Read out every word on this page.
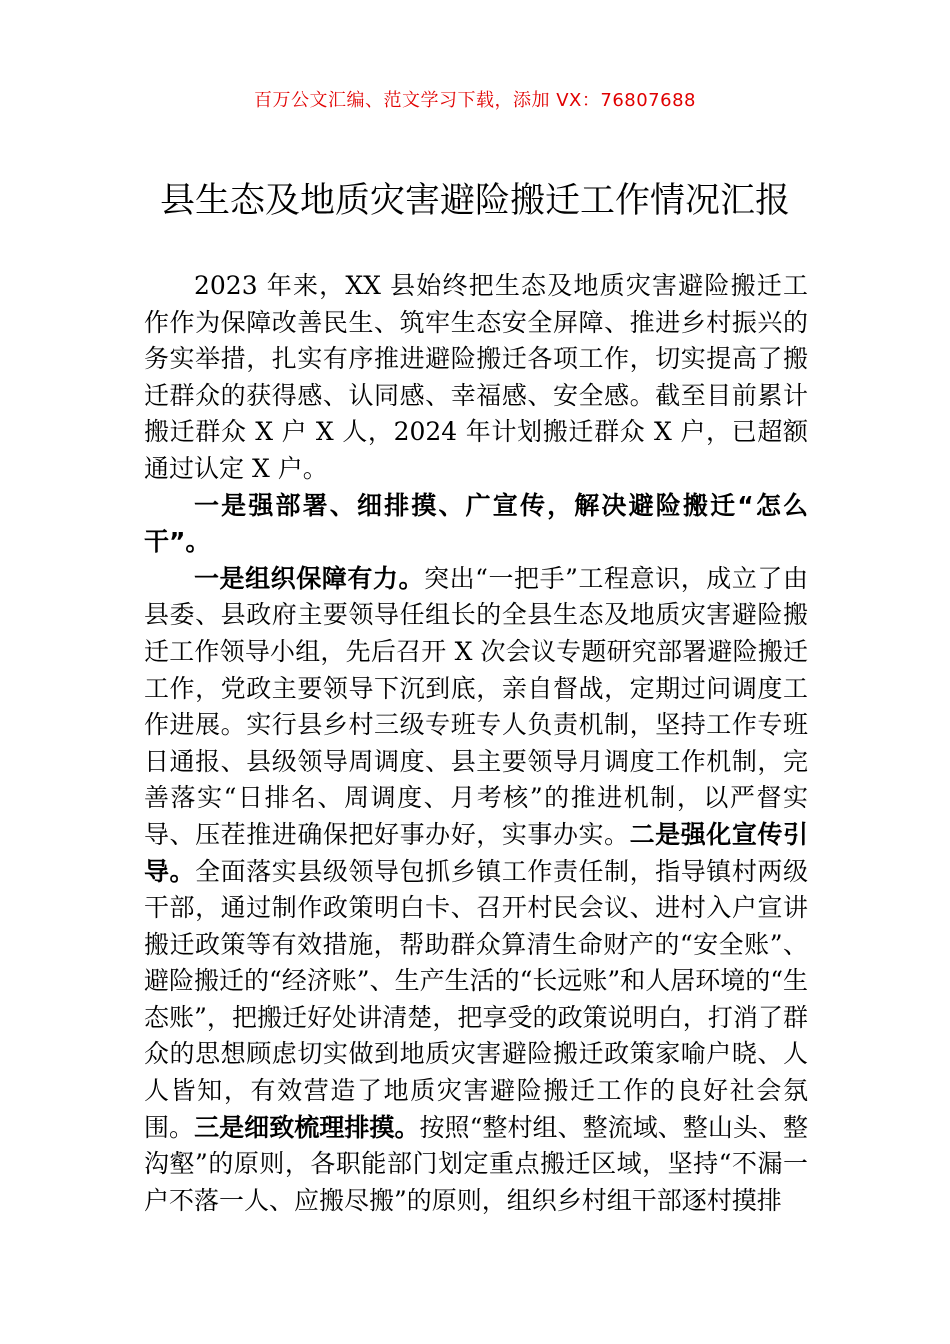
百万公文汇编、范文学习下载，添加 VX：76807688
县生态及地质灾害避险搬迁工作情况汇报

2023 年来，XX 县始终把生态及地质灾害避险搬迁工作作为保障改善民生、筑牢生态安全屏障、推进乡村振兴的务实举措，扎实有序推进避险搬迁各项工作，切实提高了搬迁群众的获得感、认同感、幸福感、安全感。截至目前累计搬迁群众 X 户 X 人，2024 年计划搬迁群众 X 户，已超额通过认定 X 户。

一是强部署、细排摸、广宣传，解决避险搬迁“怎么干”。

一是组织保障有力。突出“一把手”工程意识，成立了由县委、县政府主要领导任组长的全县生态及地质灾害避险搬迁工作领导小组，先后召开 X 次会议专题研究部署避险搬迁工作，党政主要领导下沉到底，亲自督战，定期过问调度工作进展。实行县乡村三级专班专人负责机制，坚持工作专班日通报、县级领导周调度、县主要领导月调度工作机制，完善落实“日排名、周调度、月考核”的推进机制，以严督实导、压茬推进确保把好事办好，实事办实。二是强化宣传引导。全面落实县级领导包抓乡镇工作责任制，指导镇村两级干部，通过制作政策明白卡、召开村民会议、进村入户宣讲搬迁政策等有效措施，帮助群众算清生命财产的“安全账”、避险搬迁的“经济账”、生产生活的“长远账”和人居环境的“生态账”，把搬迁好处讲清楚，把享受的政策说明白，打消了群众的思想顾虑切实做到地质灾害避险搬迁政策家喻户晓、人人皆知，有效营造了地质灾害避险搬迁工作的良好社会氛围。三是细致梳理排摸。按照“整村组、整流域、整山头、整沟壑”的原则，各职能部门划定重点搬迁区域，坚持“不漏一户不落一人、应搬尽搬”的原则，组织乡村组干部逐村摸排
